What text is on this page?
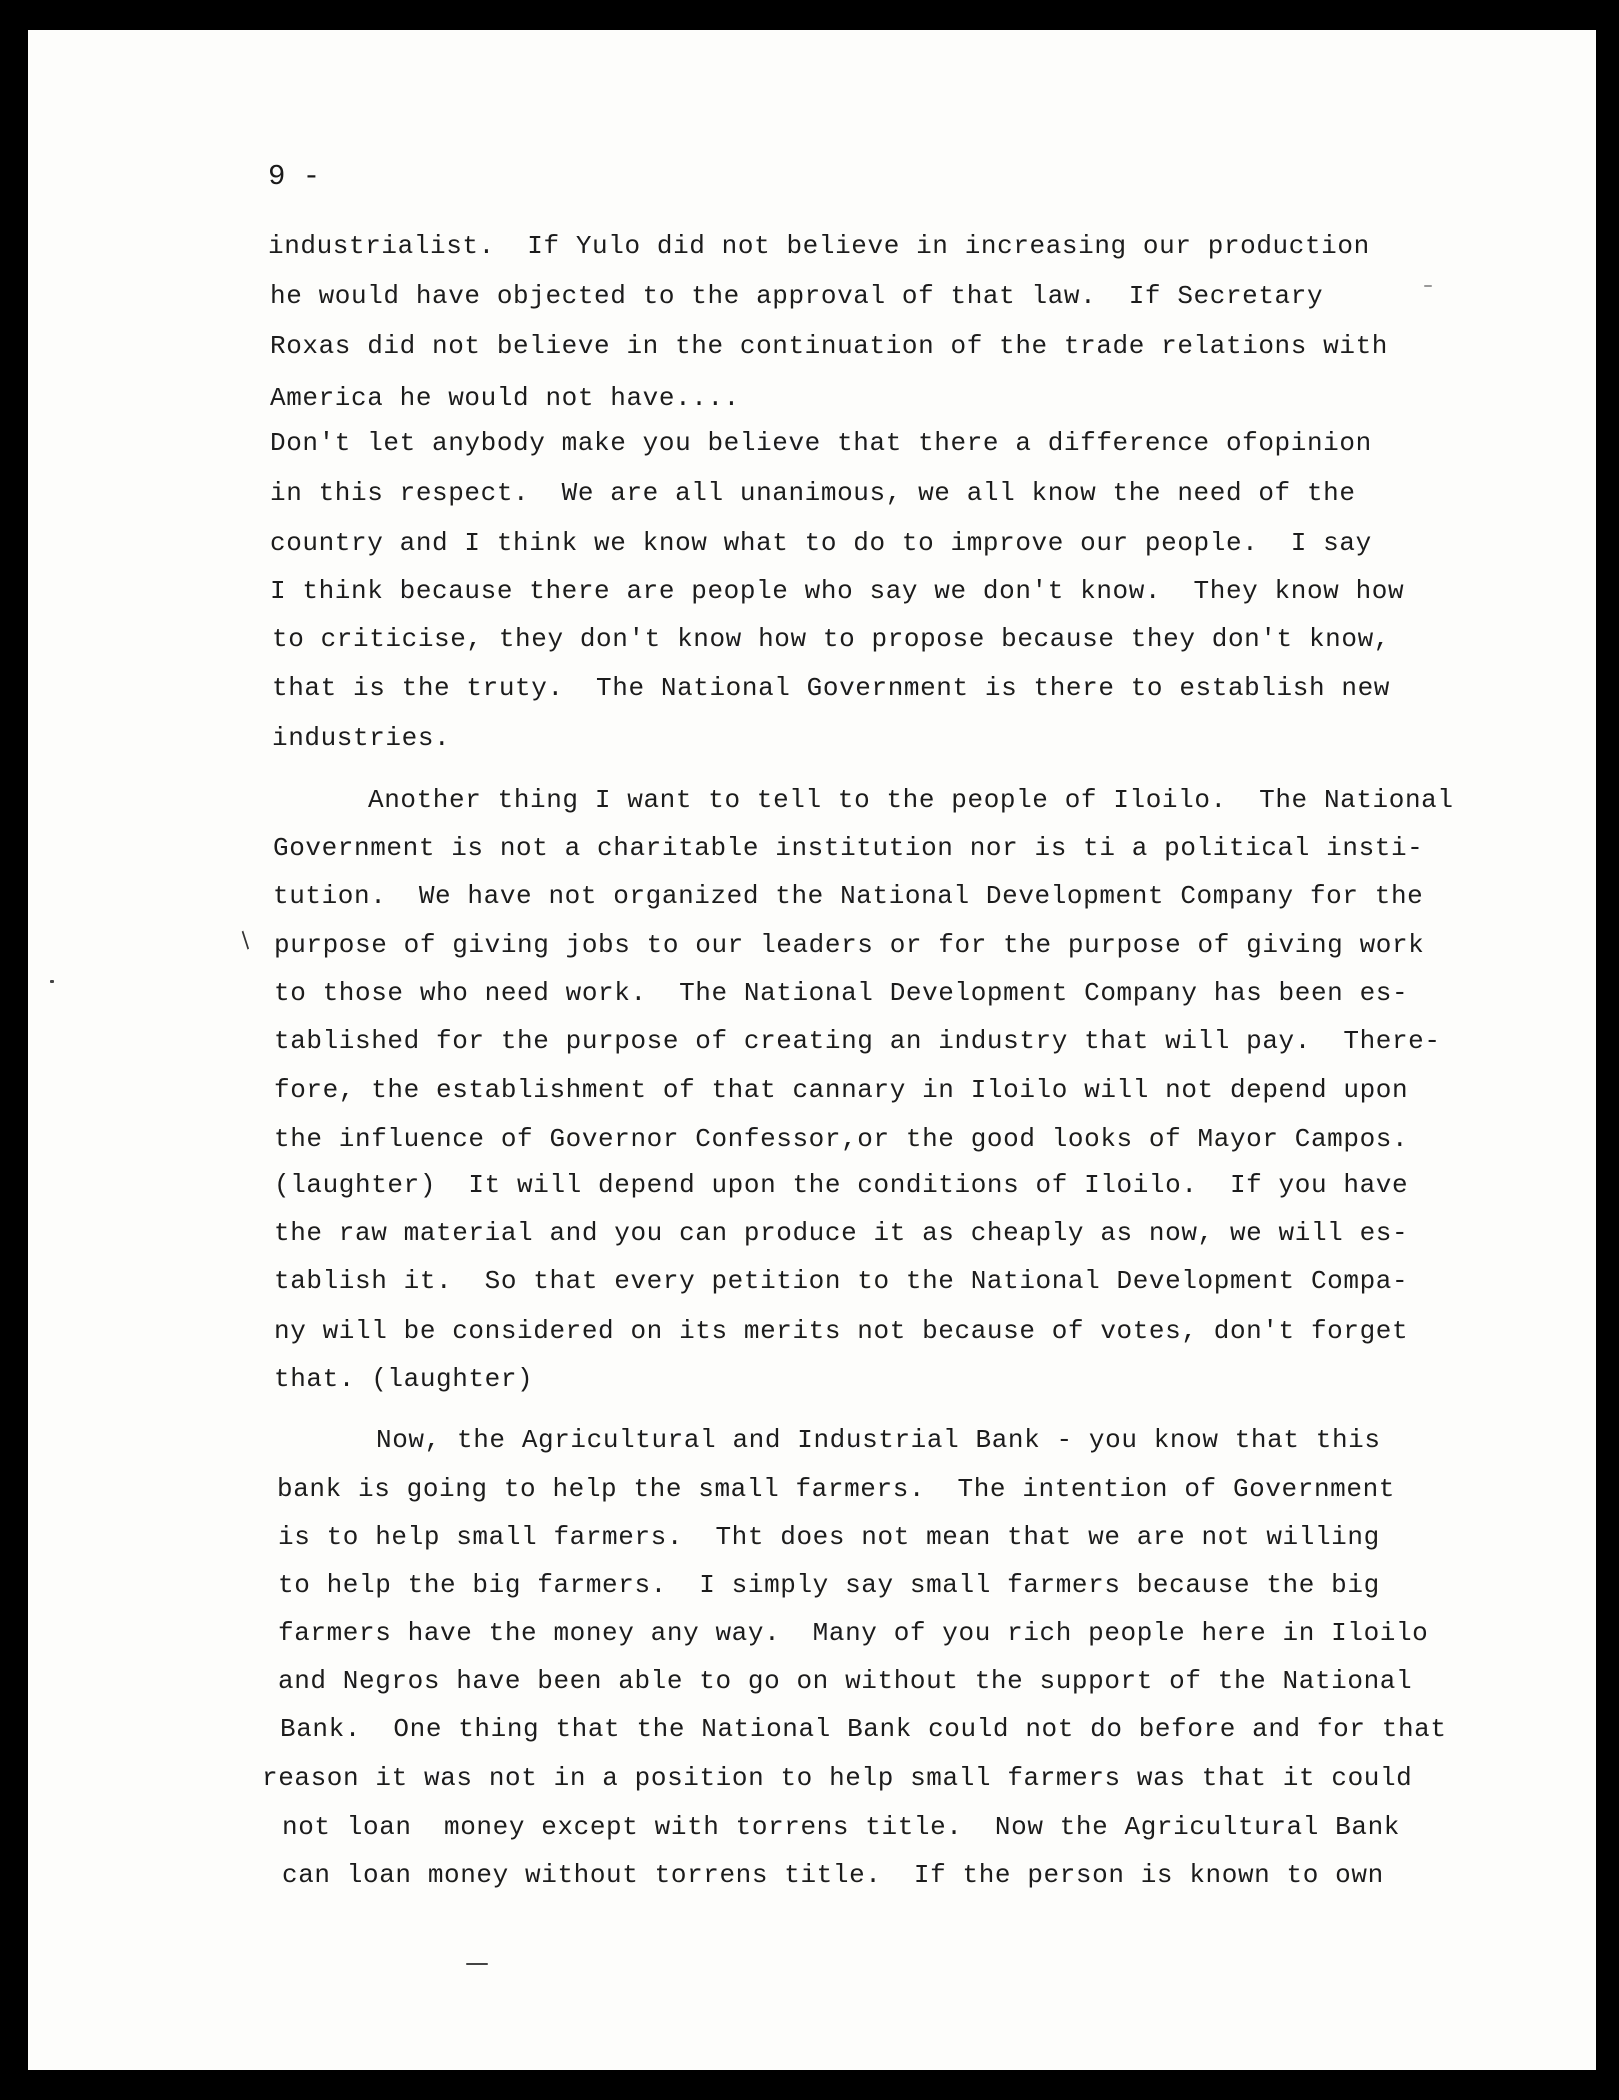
9 -
industrialist.  If Yulo did not believe in increasing our production
he would have objected to the approval of that law.  If Secretary
Roxas did not believe in the continuation of the trade relations with
America he would not have....
Don't let anybody make you believe that there a difference ofopinion
in this respect.  We are all unanimous, we all know the need of the
country and I think we know what to do to improve our people.  I say
I think because there are people who say we don't know.  They know how
to criticise, they don't know how to propose because they don't know,
that is the truty.  The National Government is there to establish new
industries.
Another thing I want to tell to the people of Iloilo.  The National
Government is not a charitable institution nor is ti a political insti-
tution.  We have not organized the National Development Company for the
purpose of giving jobs to our leaders or for the purpose of giving work
to those who need work.  The National Development Company has been es-
tablished for the purpose of creating an industry that will pay.  There-
fore, the establishment of that cannary in Iloilo will not depend upon
the influence of Governor Confessor,or the good looks of Mayor Campos.
(laughter)  It will depend upon the conditions of Iloilo.  If you have
the raw material and you can produce it as cheaply as now, we will es-
tablish it.  So that every petition to the National Development Compa-
ny will be considered on its merits not because of votes, don't forget
that. (laughter)
Now, the Agricultural and Industrial Bank - you know that this
bank is going to help the small farmers.  The intention of Government
is to help small farmers.  Tht does not mean that we are not willing
to help the big farmers.  I simply say small farmers because the big
farmers have the money any way.  Many of you rich people here in Iloilo
and Negros have been able to go on without the support of the National
Bank.  One thing that the National Bank could not do before and for that
reason it was not in a position to help small farmers was that it could
not loan  money except with torrens title.  Now the Agricultural Bank
can loan money without torrens title.  If the person is known to own
/
